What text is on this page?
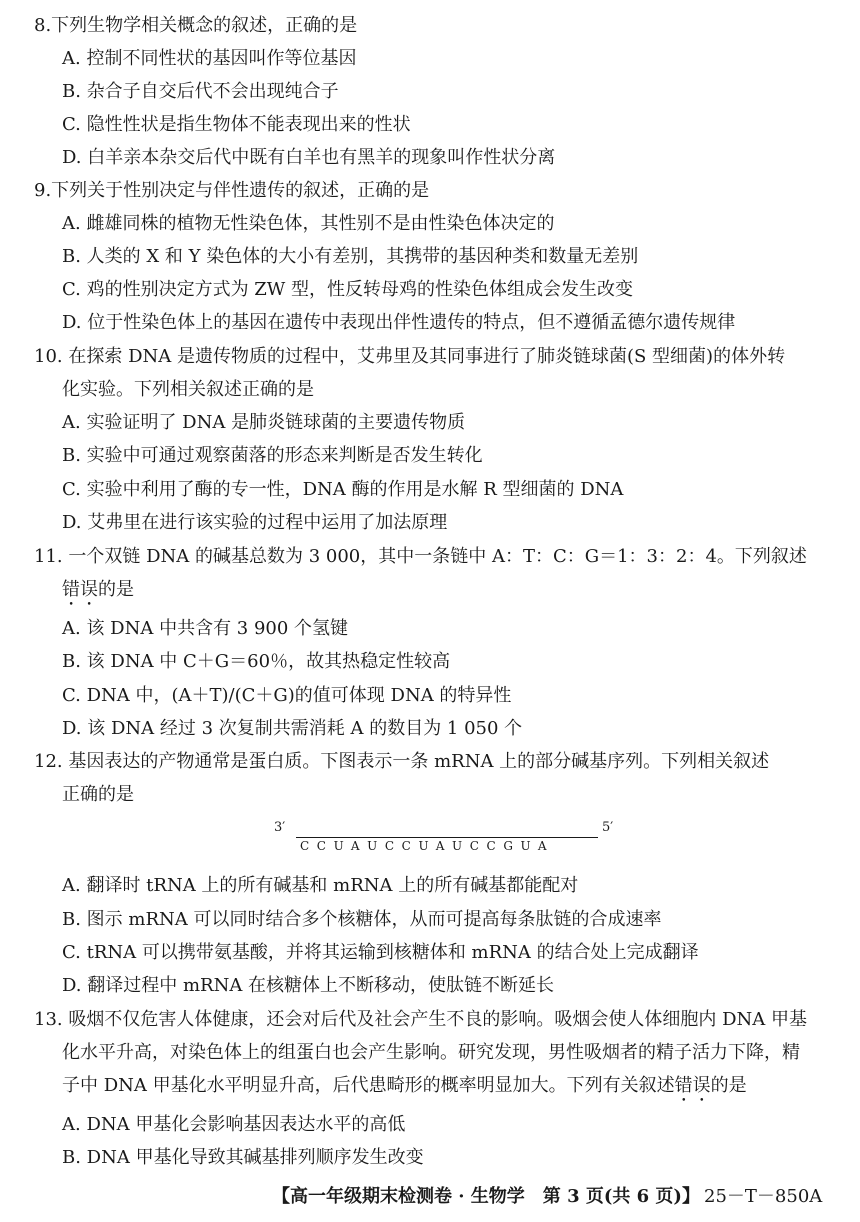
8.下列生物学相关概念的叙述，正确的是
A. 控制不同性状的基因叫作等位基因
B. 杂合子自交后代不会出现纯合子
C. 隐性性状是指生物体不能表现出来的性状
D. 白羊亲本杂交后代中既有白羊也有黑羊的现象叫作性状分离
9.下列关于性别决定与伴性遗传的叙述，正确的是
A. 雌雄同株的植物无性染色体，其性别不是由性染色体决定的
B. 人类的 X 和 Y 染色体的大小有差别，其携带的基因种类和数量无差别
C. 鸡的性别决定方式为 ZW 型，性反转母鸡的性染色体组成会发生改变
D. 位于性染色体上的基因在遗传中表现出伴性遗传的特点，但不遵循孟德尔遗传规律
10. 在探索 DNA 是遗传物质的过程中，艾弗里及其同事进行了肺炎链球菌(S 型细菌)的体外转
化实验。下列相关叙述正确的是
A. 实验证明了 DNA 是肺炎链球菌的主要遗传物质
B. 实验中可通过观察菌落的形态来判断是否发生转化
C. 实验中利用了酶的专一性，DNA 酶的作用是水解 R 型细菌的 DNA
D. 艾弗里在进行该实验的过程中运用了加法原理
11. 一个双链 DNA 的碱基总数为 3 000，其中一条链中 A：T：C：G＝1：3：2：4。下列叙述
错误的是
A. 该 DNA 中共含有 3 900 个氢键
B. 该 DNA 中 C＋G＝60％，故其热稳定性较高
C. DNA 中，(A＋T)/(C＋G)的值可体现 DNA 的特异性
D. 该 DNA 经过 3 次复制共需消耗 A 的数目为 1 050 个
12. 基因表达的产物通常是蛋白质。下图表示一条 mRNA 上的部分碱基序列。下列相关叙述
正确的是
3′	5′
CCUAUCCUAUCCGUA
A. 翻译时 tRNA 上的所有碱基和 mRNA 上的所有碱基都能配对
B. 图示 mRNA 可以同时结合多个核糖体，从而可提高每条肽链的合成速率
C. tRNA 可以携带氨基酸，并将其运输到核糖体和 mRNA 的结合处上完成翻译
D. 翻译过程中 mRNA 在核糖体上不断移动，使肽链不断延长
13. 吸烟不仅危害人体健康，还会对后代及社会产生不良的影响。吸烟会使人体细胞内 DNA 甲基
化水平升高，对染色体上的组蛋白也会产生影响。研究发现，男性吸烟者的精子活力下降，精
子中 DNA 甲基化水平明显升高，后代患畸形的概率明显加大。下列有关叙述错误的是
A. DNA 甲基化会影响基因表达水平的高低
B. DNA 甲基化导致其碱基排列顺序发生改变
【高一年级期末检测卷 · 生物学　第 3 页(共 6 页)】 25－T－850A
